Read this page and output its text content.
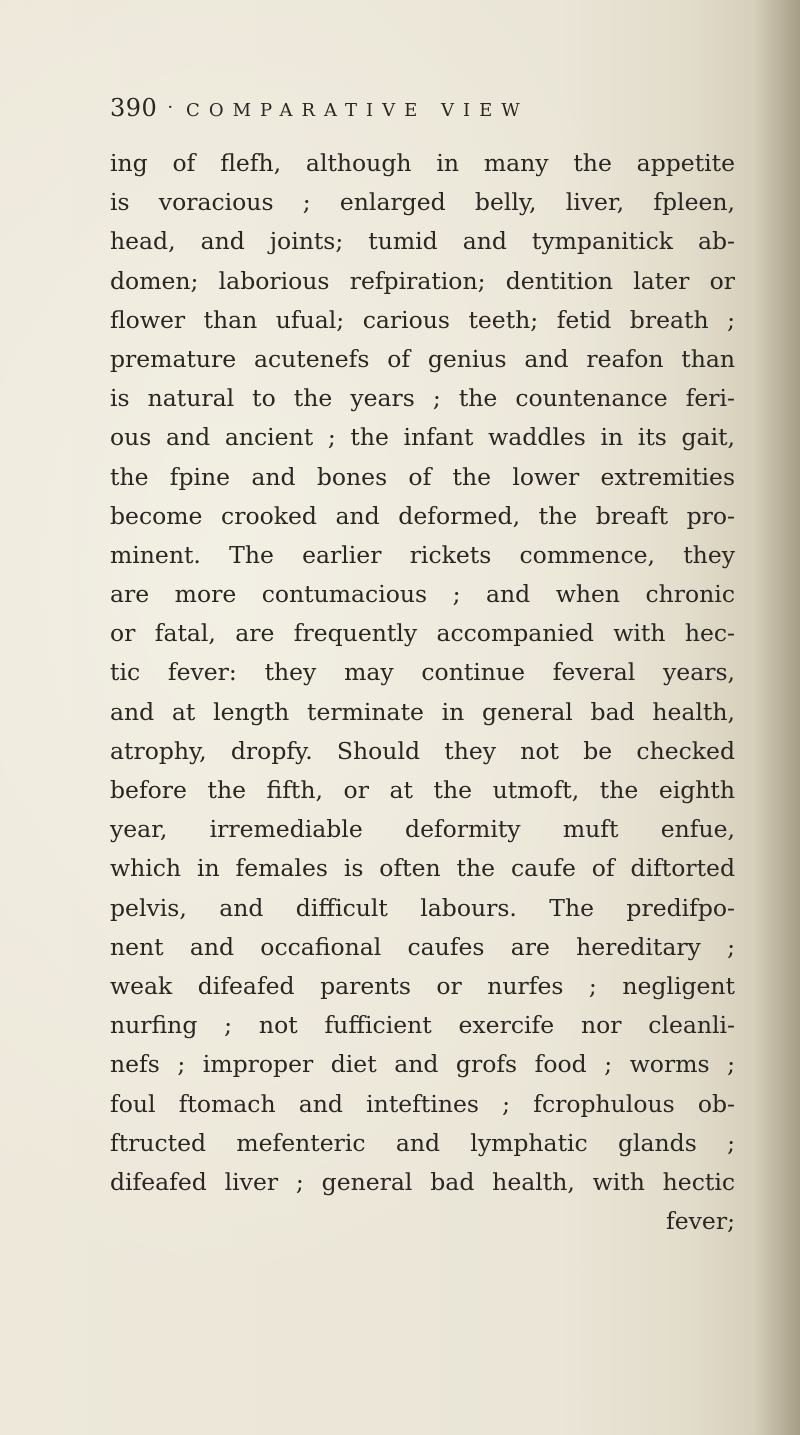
390 · COMPARATIVE VIEW
ing of flefh, although in many the appetite
is voracious ; enlarged belly, liver, fpleen,
head, and joints; tumid and tympanitick ab-
domen; laborious refpiration; dentition later or
flower than ufual; carious teeth; fetid breath ;
premature acutenefs of genius and reafon than
is natural to the years ; the countenance feri-
ous and ancient ; the infant waddles in its gait,
the fpine and bones of the lower extremities
become crooked and deformed, the breaft pro-
minent. The earlier rickets commence, they
are more contumacious ; and when chronic
or fatal, are frequently accompanied with hec-
tic fever: they may continue feveral years,
and at length terminate in general bad health,
atrophy, dropfy. Should they not be checked
before the fifth, or at the utmoft, the eighth
year, irremediable deformity muft enfue,
which in females is often the caufe of diftorted
pelvis, and difficult labours. The predifpo-
nent and occafional caufes are hereditary ;
weak difeafed parents or nurfes ; negligent
nurfing ; not fufficient exercife nor cleanli-
nefs ; improper diet and grofs food ; worms ;
foul ftomach and inteftines ; fcrophulous ob-
ftructed mefenteric and lymphatic glands ;
difeafed liver ; general bad health, with hectic
fever;
